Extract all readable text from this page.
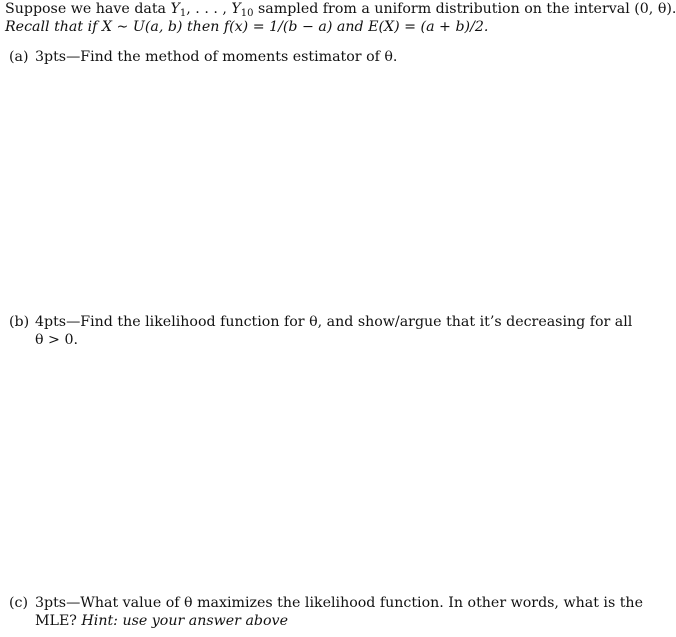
Suppose we have data $Y_1$, . . . , $Y_{10}$ sampled from a uniform distribution on the interval (0, θ).
Recall that if X ∼ U(a, b) then f(x) = 1/(b − a) and E(X) = (a + b)/2.
(a) 3pts—Find the method of moments estimator of θ.
(b) 4pts—Find the likelihood function for θ, and show/argue that it’s decreasing for all
θ > 0.
(c) 3pts—What value of θ maximizes the likelihood function. In other words, what is the
MLE? Hint: use your answer above
